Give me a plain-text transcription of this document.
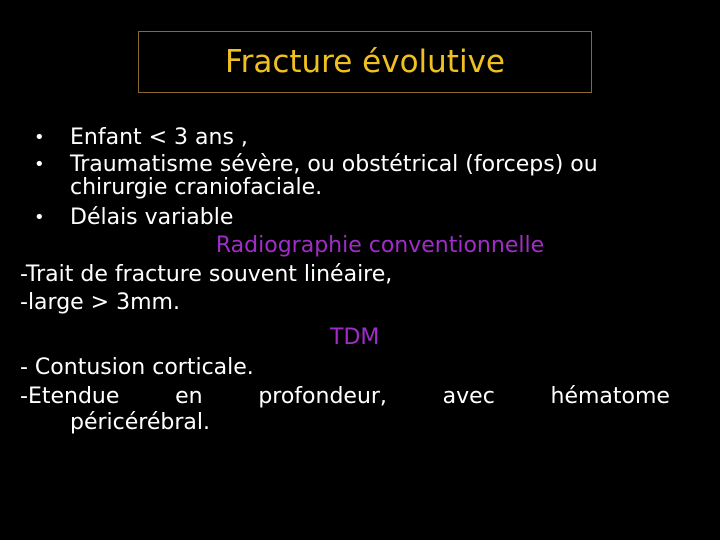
Fracture évolutive
• Enfant < 3 ans ,
• Traumatisme sévère, ou obstétrical (forceps) ou
chirurgie craniofaciale.
• Délais variable
Radiographie conventionnelle
-Trait de fracture souvent linéaire,
-large > 3mm.
TDM
- Contusion corticale.
-Etendue	en	profondeur,	avec	hématome
péricérébral.
